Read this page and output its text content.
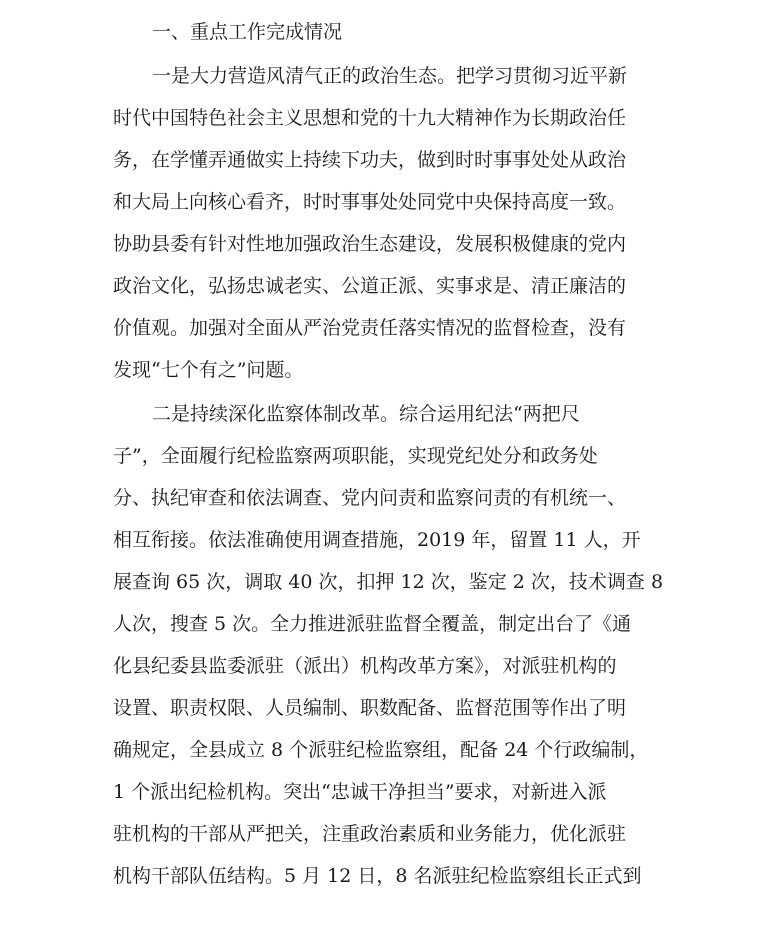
一、重点工作完成情况
一是大力营造风清气正的政治生态。把学习贯彻习近平新
时代中国特色社会主义思想和党的十九大精神作为长期政治任
务，在学懂弄通做实上持续下功夫，做到时时事事处处从政治
和大局上向核心看齐，时时事事处处同党中央保持高度一致。
协助县委有针对性地加强政治生态建设，发展积极健康的党内
政治文化，弘扬忠诚老实、公道正派、实事求是、清正廉洁的
价值观。加强对全面从严治党责任落实情况的监督检查，没有
发现“七个有之”问题。
二是持续深化监察体制改革。综合运用纪法“两把尺
子”，全面履行纪检监察两项职能，实现党纪处分和政务处
分、执纪审查和依法调查、党内问责和监察问责的有机统一、
相互衔接。依法准确使用调查措施，2019 年，留置 11 人，开
展查询 65 次，调取 40 次，扣押 12 次，鉴定 2 次，技术调查 8
人次，搜查 5 次。全力推进派驻监督全覆盖，制定出台了《通
化县纪委县监委派驻（派出）机构改革方案》，对派驻机构的
设置、职责权限、人员编制、职数配备、监督范围等作出了明
确规定，全县成立 8 个派驻纪检监察组，配备 24 个行政编制，
1 个派出纪检机构。突出“忠诚干净担当”要求，对新进入派
驻机构的干部从严把关，注重政治素质和业务能力，优化派驻
机构干部队伍结构。5 月 12 日，8 名派驻纪检监察组长正式到
